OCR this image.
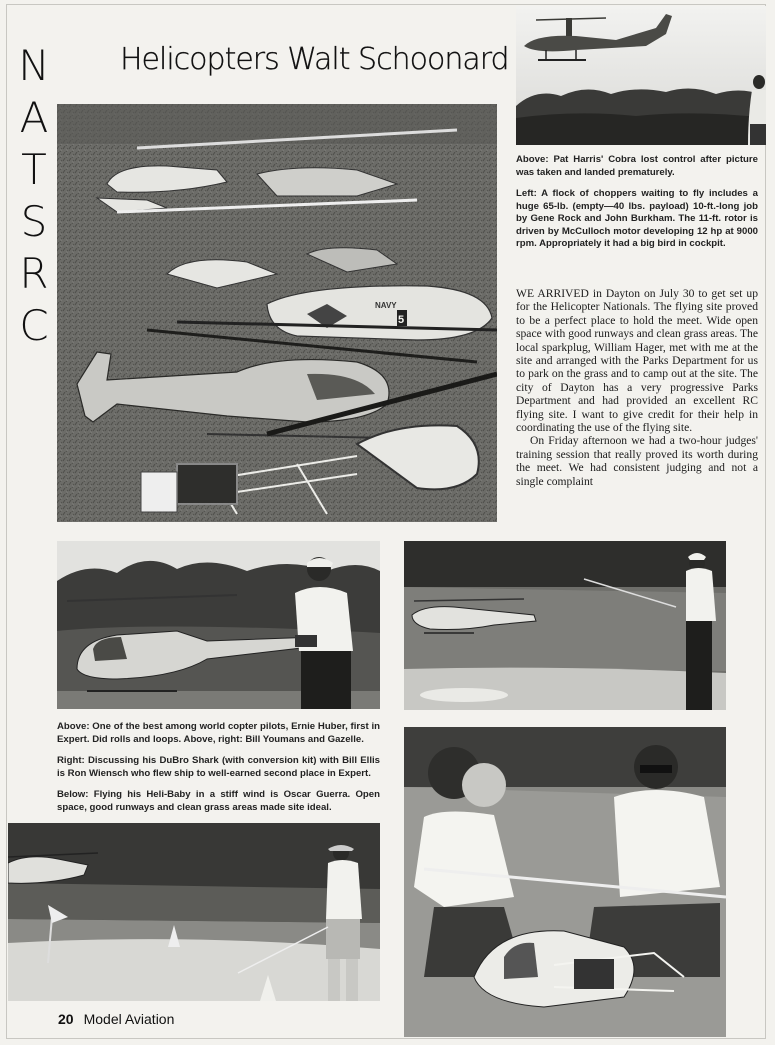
N
A
T
S
R
C
Helicopters Walt Schoonard
NAVY
5

Above: Pat Harris' Cobra lost control after picture was taken and landed prematurely.

Left: A flock of choppers waiting to fly includes a huge 65-lb. (empty—40 lbs. payload) 10-ft.-long job by Gene Rock and John Burkham. The 11-ft. rotor is driven by McCulloch motor developing 12 hp at 9000 rpm. Appropriately it had a big bird in cockpit.

WE ARRIVED in Dayton on July 30 to get set up for the Helicopter Nationals. The flying site proved to be a perfect place to hold the meet. Wide open space with good runways and clean grass areas. The local sparkplug, William Hager, met with me at the site and arranged with the Parks Department for us to park on the grass and to camp out at the site. The city of Dayton has a very progressive Parks Department and had provided an excellent RC flying site. I want to give credit for their help in coordinating the use of the flying site.

On Friday afternoon we had a two-hour judges' training session that really proved its worth during the meet. We had consistent judging and not a single complaint

Above: One of the best among world copter pilots, Ernie Huber, first in Expert. Did rolls and loops. Above, right: Bill Youmans and Gazelle.

Right: Discussing his DuBro Shark (with conversion kit) with Bill Ellis is Ron Wiensch who flew ship to well-earned second place in Expert.

Below: Flying his Heli-Baby in a stiff wind is Oscar Guerra. Open space, good runways and clean grass areas made site ideal.

20 Model Aviation
